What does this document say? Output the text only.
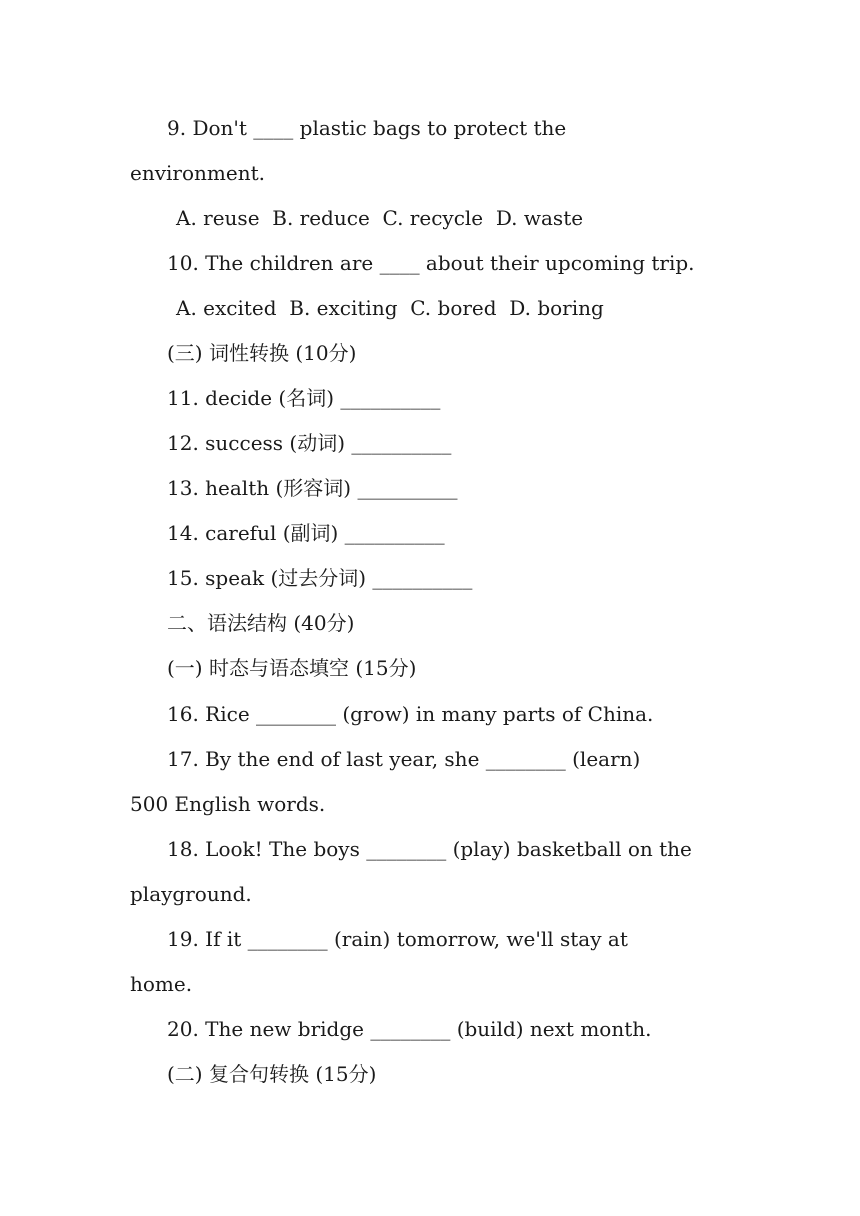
9. Don't ____ plastic bags to protect the
environment.
A. reuse  B. reduce  C. recycle  D. waste
10. The children are ____ about their upcoming trip.
A. excited  B. exciting  C. bored  D. boring
(三) 词性转换 (10分)
11. decide (名词) __________
12. success (动词) __________
13. health (形容词) __________
14. careful (副词) __________
15. speak (过去分词) __________
二、语法结构 (40分)
(一) 时态与语态填空 (15分)
16. Rice ________ (grow) in many parts of China.
17. By the end of last year, she ________ (learn)
500 English words.
18. Look! The boys ________ (play) basketball on the
playground.
19. If it ________ (rain) tomorrow, we'll stay at
home.
20. The new bridge ________ (build) next month.
(二) 复合句转换 (15分)
